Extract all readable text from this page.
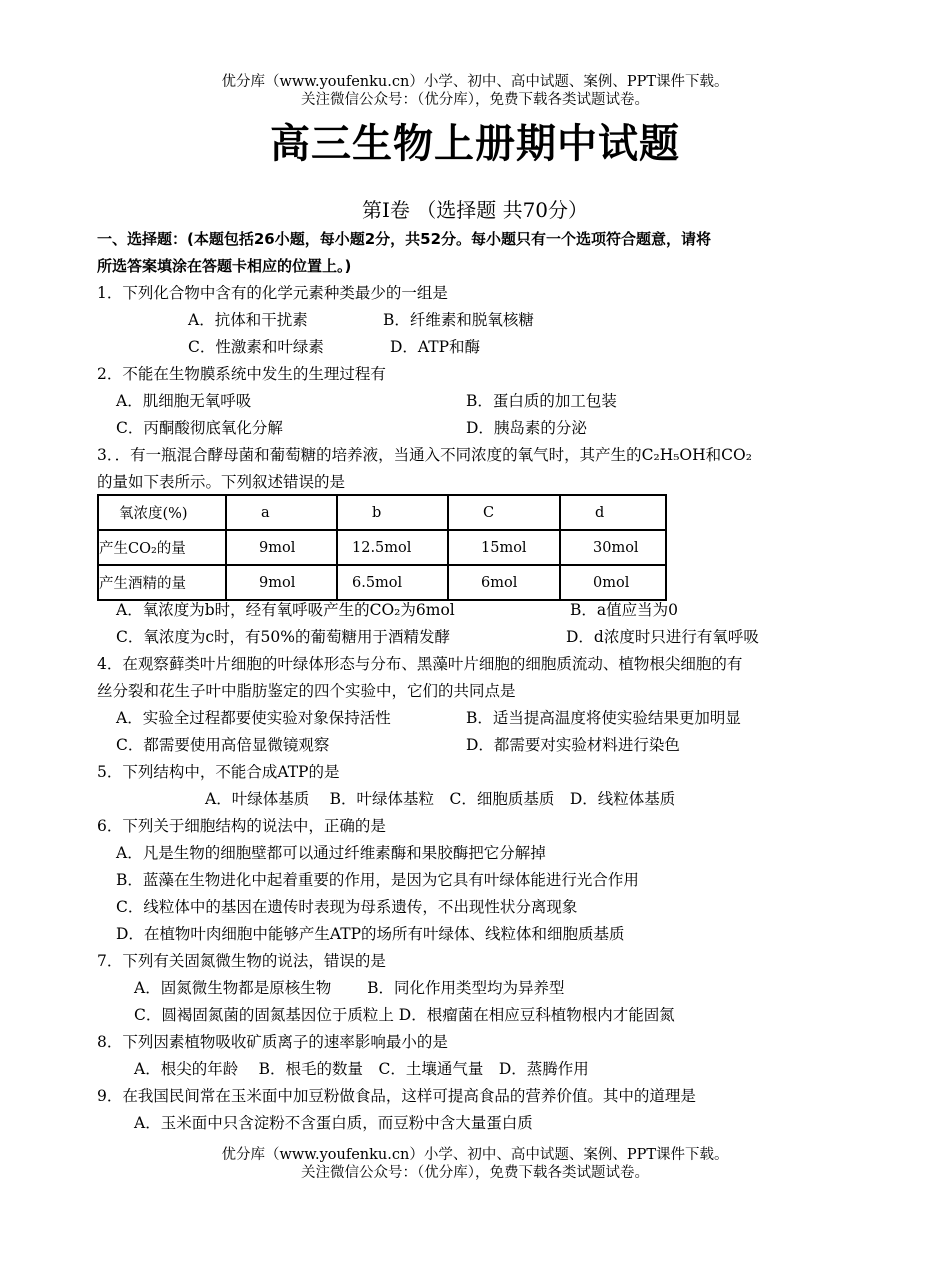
优分库（www.youfenku.cn）小学、初中、高中试题、案例、PPT课件下载。
关注微信公众号：（优分库），免费下载各类试题试卷。
高三生物上册期中试题
第I卷 （选择题 共70分）
一、选择题：(本题包括26小题，每小题2分，共52分。每小题只有一个选项符合题意，请将
所选答案填涂在答题卡相应的位置上。)
1．下列化合物中含有的化学元素种类最少的一组是
A．抗体和干扰素	B．纤维素和脱氧核糖
C．性激素和叶绿素	D．ATP和酶
2．不能在生物膜系统中发生的生理过程有
A．肌细胞无氧呼吸	B．蛋白质的加工包装
C．丙酮酸彻底氧化分解	D．胰岛素的分泌
3．．有一瓶混合酵母菌和葡萄糖的培养液，当通入不同浓度的氧气时，其产生的C₂H₅OH和CO₂
的量如下表所示。下列叙述错误的是
氧浓度(%)	a	b	C	d
产生CO₂的量	9mol	12.5mol	15mol	30mol
产生酒精的量	9mol	6.5mol	6mol	0mol
A．氧浓度为b时，经有氧呼吸产生的CO₂为6mol	B．a值应当为0
C．氧浓度为c时，有50%的葡萄糖用于酒精发酵	D．d浓度时只进行有氧呼吸
4．在观察藓类叶片细胞的叶绿体形态与分布、黑藻叶片细胞的细胞质流动、植物根尖细胞的有
丝分裂和花生子叶中脂肪鉴定的四个实验中，它们的共同点是
A．实验全过程都要使实验对象保持活性	B．适当提高温度将使实验结果更加明显
C．都需要使用高倍显微镜观察	D．都需要对实验材料进行染色
5．下列结构中，不能合成ATP的是
A．叶绿体基质　 B．叶绿体基粒　C．细胞质基质　D．线粒体基质
6．下列关于细胞结构的说法中，正确的是
A．凡是生物的细胞壁都可以通过纤维素酶和果胶酶把它分解掉
B．蓝藻在生物进化中起着重要的作用，是因为它具有叶绿体能进行光合作用
C．线粒体中的基因在遗传时表现为母系遗传，不出现性状分离现象
D．在植物叶肉细胞中能够产生ATP的场所有叶绿体、线粒体和细胞质基质
7．下列有关固氮微生物的说法，错误的是
A．固氮微生物都是原核生物　　 B．同化作用类型均为异养型
C．圆褐固氮菌的固氮基因位于质粒上 D．根瘤菌在相应豆科植物根内才能固氮
8．下列因素植物吸收矿质离子的速率影响最小的是
A．根尖的年龄　 B．根毛的数量　C．土壤通气量　D．蒸腾作用
9．在我国民间常在玉米面中加豆粉做食品，这样可提高食品的营养价值。其中的道理是
A．玉米面中只含淀粉不含蛋白质，而豆粉中含大量蛋白质
优分库（www.youfenku.cn）小学、初中、高中试题、案例、PPT课件下载。
关注微信公众号：（优分库），免费下载各类试题试卷。
